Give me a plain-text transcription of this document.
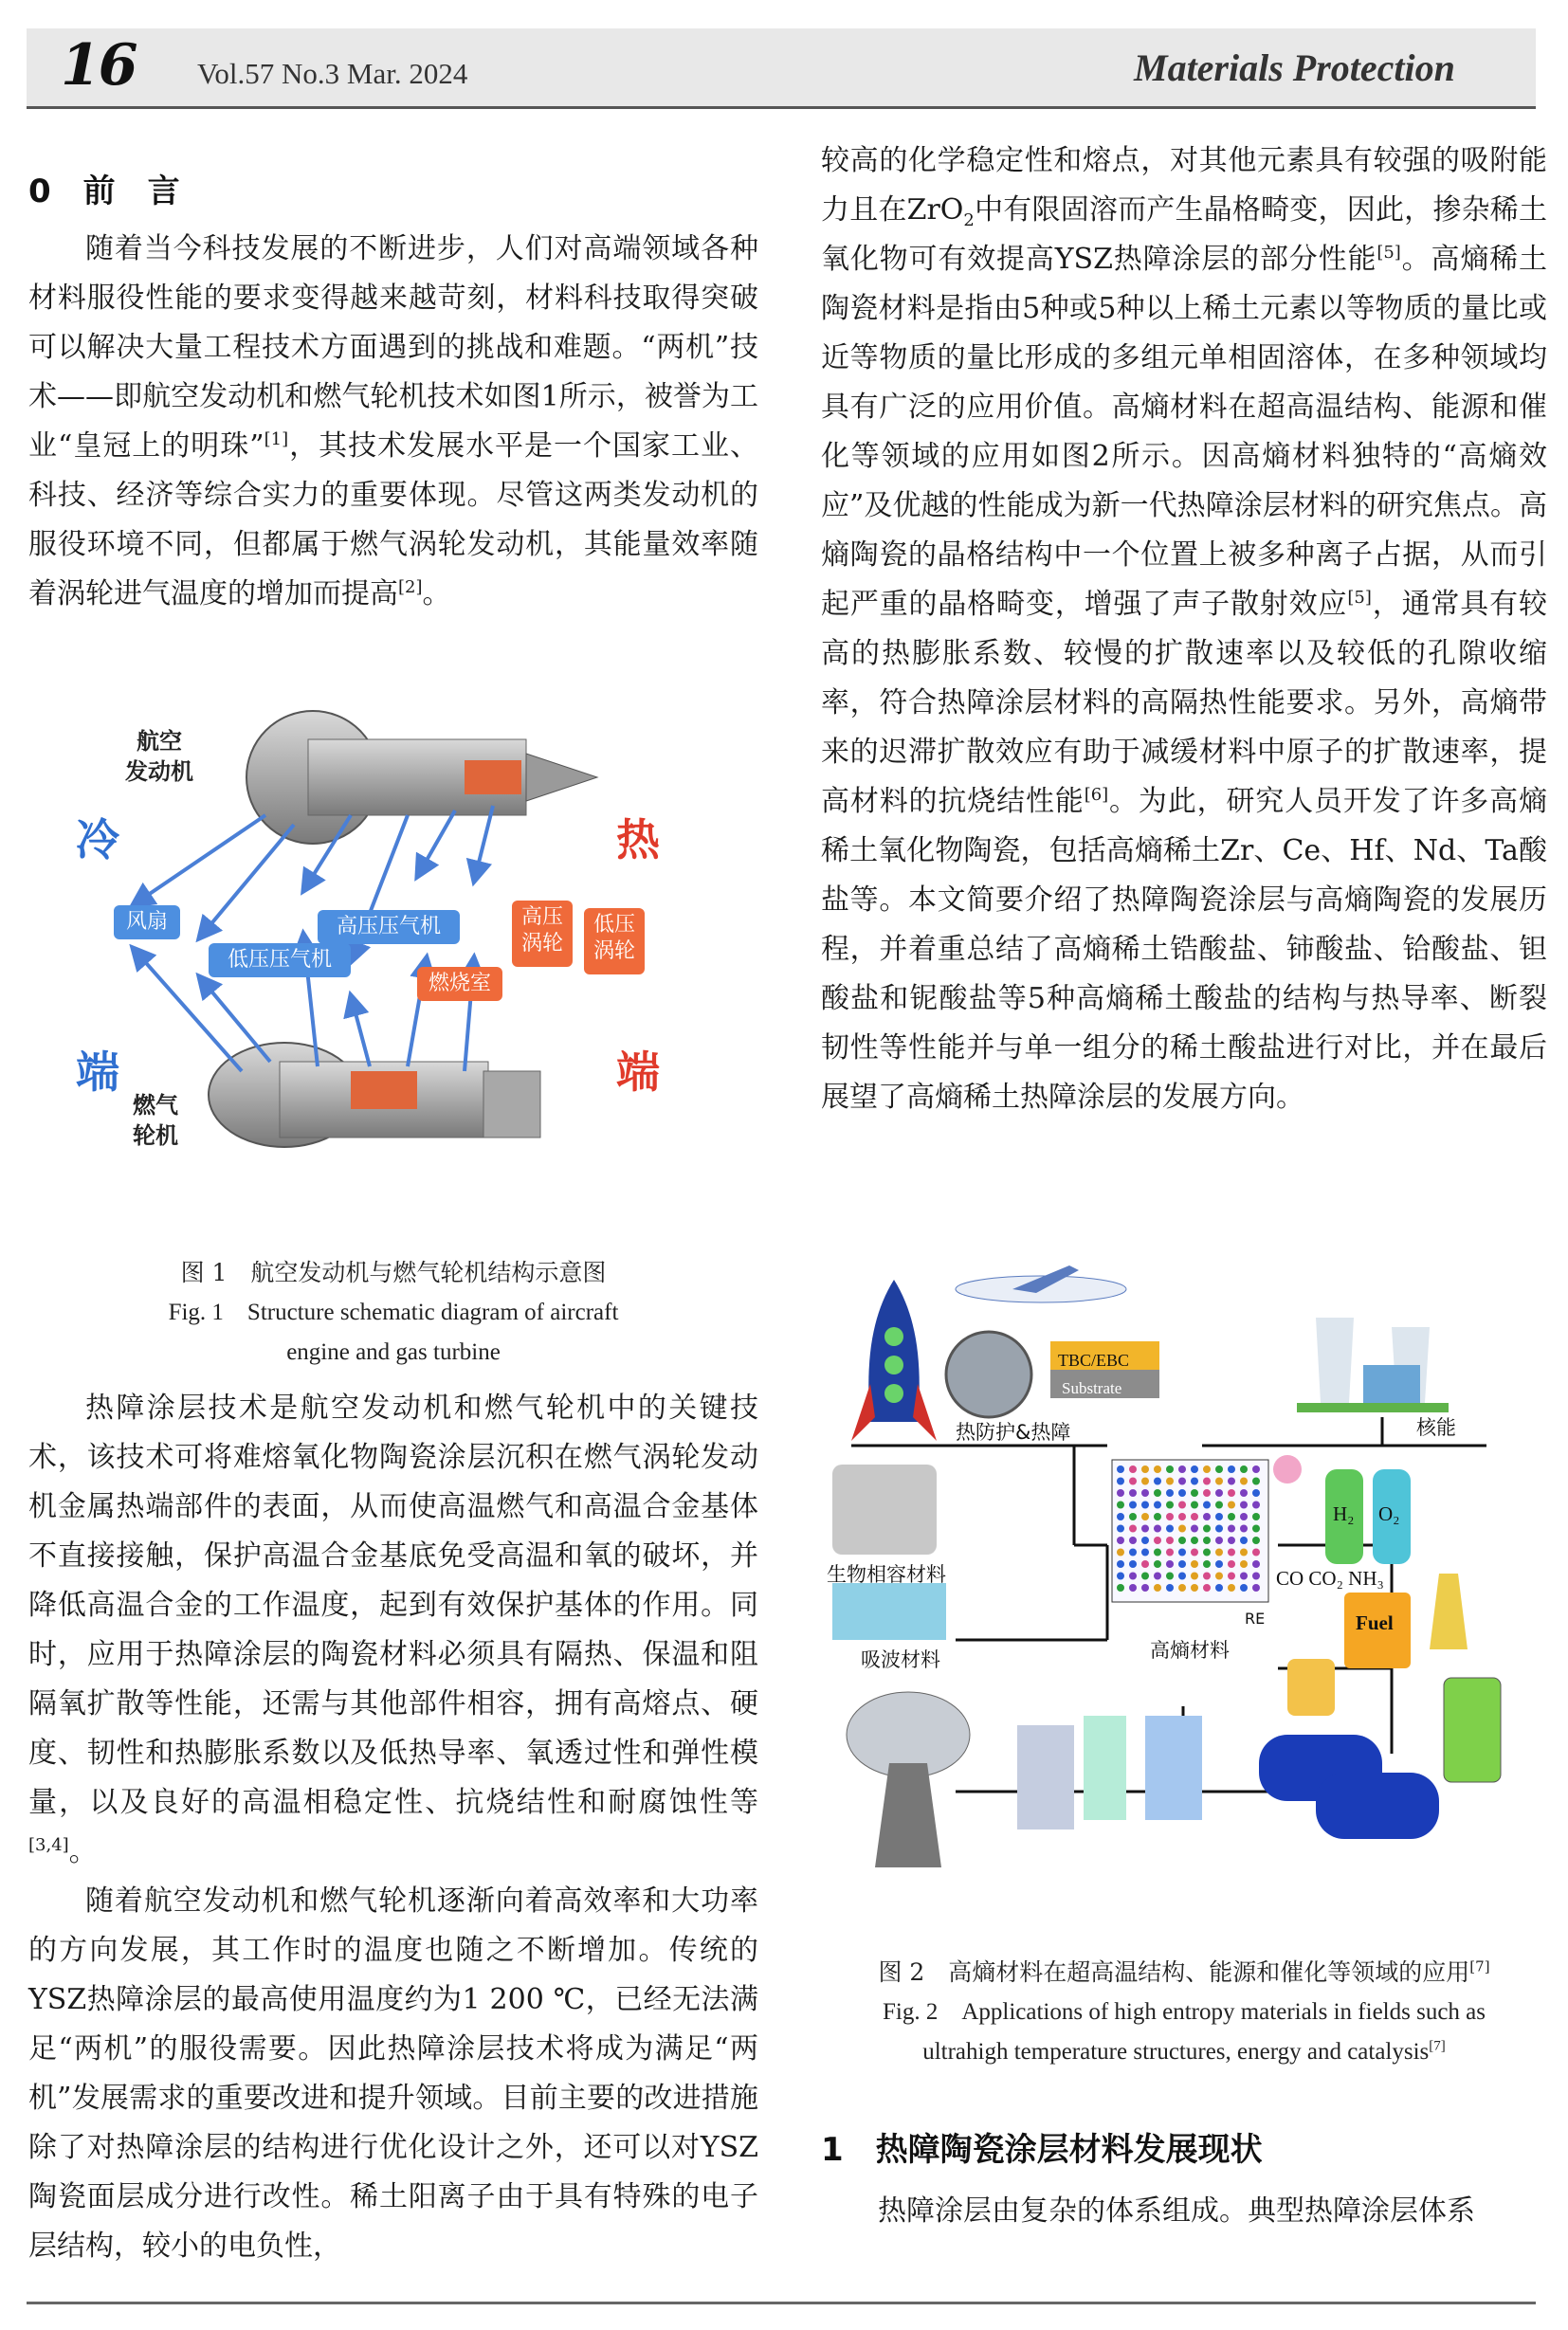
16 Vol.57 No.3 Mar. 2024	Materials Protection

0　前　言

随着当今科技发展的不断进步，人们对高端领域各种材料服役性能的要求变得越来越苛刻，材料科技取得突破可以解决大量工程技术方面遇到的挑战和难题。“两机”技术——即航空发动机和燃气轮机技术如图1所示，被誉为工业“皇冠上的明珠”[1]，其技术发展水平是一个国家工业、科技、经济等综合实力的重要体现。尽管这两类发动机的服役环境不同，但都属于燃气涡轮发动机，其能量效率随着涡轮进气温度的增加而提高[2]。

航空
发动机
燃气
轮机
冷
端
热
端
风扇
低压压气机
高压压气机
燃烧室
高压
涡轮
低压
涡轮

图 1　航空发动机与燃气轮机结构示意图

Fig. 1　Structure schematic diagram of aircraft

engine and gas turbine

热障涂层技术是航空发动机和燃气轮机中的关键技术，该技术可将难熔氧化物陶瓷涂层沉积在燃气涡轮发动机金属热端部件的表面，从而使高温燃气和高温合金基体不直接接触，保护高温合金基底免受高温和氧的破坏，并降低高温合金的工作温度，起到有效保护基体的作用。同时，应用于热障涂层的陶瓷材料必须具有隔热、保温和阻隔氧扩散等性能，还需与其他部件相容，拥有高熔点、硬度、韧性和热膨胀系数以及低热导率、氧透过性和弹性模量，以及良好的高温相稳定性、抗烧结性和耐腐蚀性等[3,4]。

随着航空发动机和燃气轮机逐渐向着高效率和大功率的方向发展，其工作时的温度也随之不断增加。传统的YSZ热障涂层的最高使用温度约为1 200 ℃，已经无法满足“两机”的服役需要。因此热障涂层技术将成为满足“两机”发展需求的重要改进和提升领域。目前主要的改进措施除了对热障涂层的结构进行优化设计之外，还可以对YSZ陶瓷面层成分进行改性。稀土阳离子由于具有特殊的电子层结构，较小的电负性，

较高的化学稳定性和熔点，对其他元素具有较强的吸附能力且在ZrO$_2$中有限固溶而产生晶格畸变，因此，掺杂稀土氧化物可有效提高YSZ热障涂层的部分性能[5]。高熵稀土陶瓷材料是指由5种或5种以上稀土元素以等物质的量比或近等物质的量比形成的多组元单相固溶体，在多种领域均具有广泛的应用价值。高熵材料在超高温结构、能源和催化等领域的应用如图2所示。因高熵材料独特的“高熵效应”及优越的性能成为新一代热障涂层材料的研究焦点。高熵陶瓷的晶格结构中一个位置上被多种离子占据，从而引起严重的晶格畸变，增强了声子散射效应[5]，通常具有较高的热膨胀系数、较慢的扩散速率以及较低的孔隙收缩率，符合热障涂层材料的高隔热性能要求。另外，高熵带来的迟滞扩散效应有助于减缓材料中原子的扩散速率，提高材料的抗烧结性能[6]。为此，研究人员开发了许多高熵稀土氧化物陶瓷，包括高熵稀土Zr、Ce、Hf、Nd、Ta酸盐等。本文简要介绍了热障陶瓷涂层与高熵陶瓷的发展历程，并着重总结了高熵稀土锆酸盐、铈酸盐、铪酸盐、钽酸盐和铌酸盐等5种高熵稀土酸盐的结构与热导率、断裂韧性等性能并与单一组分的稀土酸盐进行对比，并在最后展望了高熵稀土热障涂层的发展方向。

TBC/EBC
Substrate
热防护&热障	核能
生物相容材料
吸波材料	高熵材料
RE
H₂ O₂
CO CO₂ NH₃
Fuel

图 2　高熵材料在超高温结构、能源和催化等领域的应用[7]

Fig. 2　Applications of high entropy materials in fields such as

ultrahigh temperature structures, energy and catalysis[7]

1　热障陶瓷涂层材料发展现状

热障涂层由复杂的体系组成。典型热障涂层体系
